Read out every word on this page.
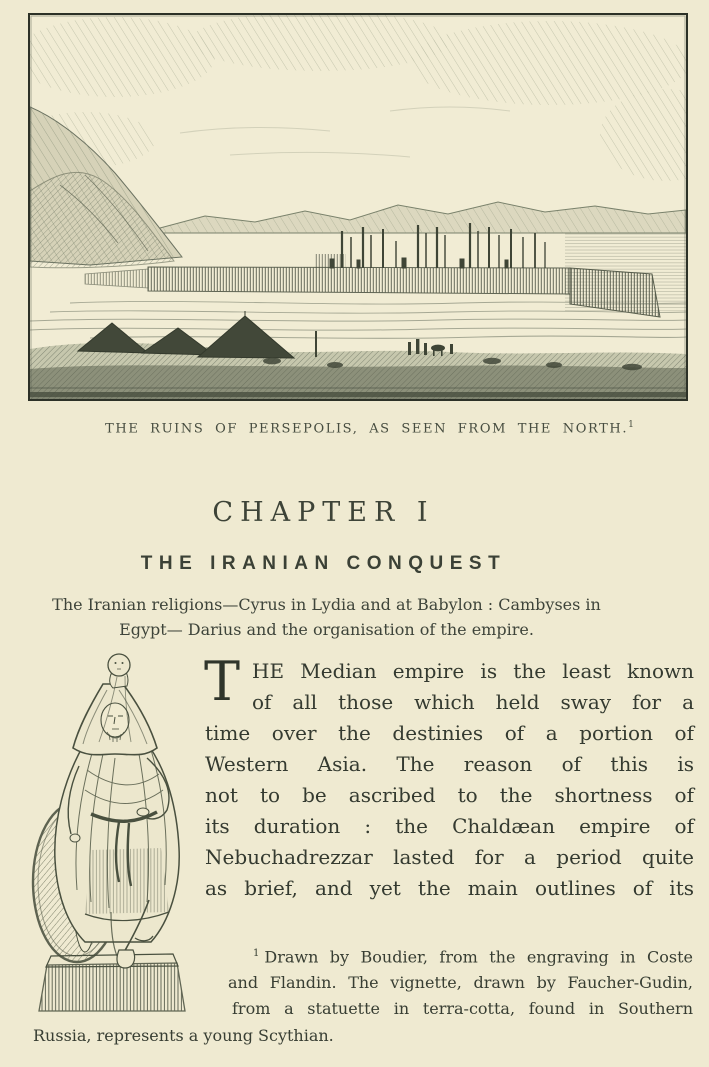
THE RUINS OF PERSEPOLIS, AS SEEN FROM THE NORTH.$^1$
CHAPTER I
THE IRANIAN CONQUEST
The Iranian religions—Cyrus in Lydia and at Babylon : Cambyses in
Egypt— Darius and the organisation of the empire.
T HE Median empire is the least known
of all those which held sway for a
time over the destinies of a portion of
Western Asia. The reason of this is
not to be ascribed to the shortness of
its duration : the Chaldæan empire of
Nebuchadrezzar lasted for a period quite
as brief, and yet the main outlines of its
$^1$ Drawn by Boudier, from the engraving in Coste
and Flandin. The vignette, drawn by Faucher-Gudin,
from a statuette in terra-cotta, found in Southern
Russia, represents a young Scythian.
